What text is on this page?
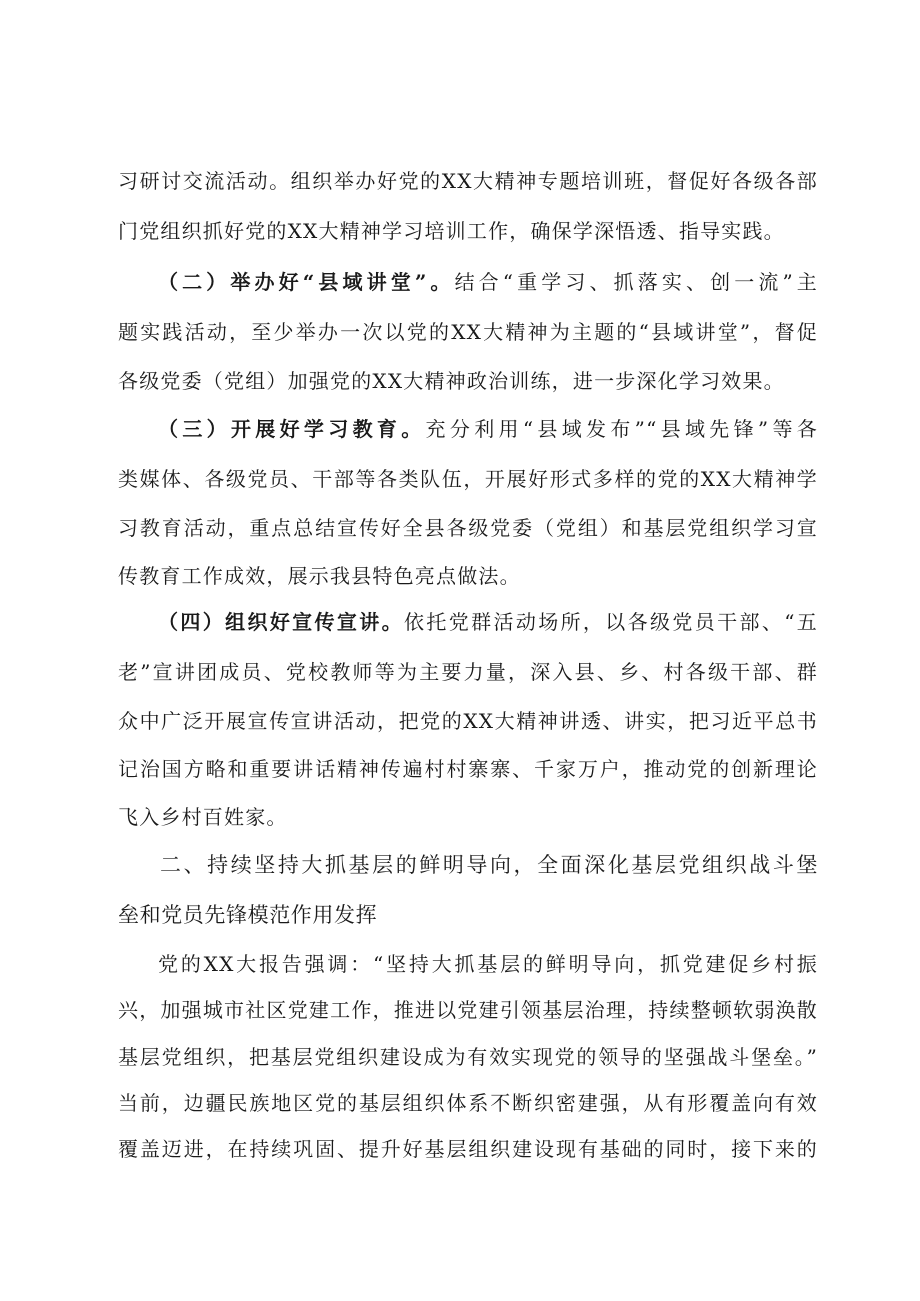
习研讨交流活动。组织举办好党的XX大精神专题培训班，督促好各级各部
门党组织抓好党的XX大精神学习培训工作，确保学深悟透、指导实践。
（二）举办好“县域讲堂”。结合“重学习、抓落实、创一流”主
题实践活动，至少举办一次以党的XX大精神为主题的“县域讲堂”，督促
各级党委（党组）加强党的XX大精神政治训练，进一步深化学习效果。
（三）开展好学习教育。充分利用“县域发布”“县域先锋”等各
类媒体、各级党员、干部等各类队伍，开展好形式多样的党的XX大精神学
习教育活动，重点总结宣传好全县各级党委（党组）和基层党组织学习宣
传教育工作成效，展示我县特色亮点做法。
（四）组织好宣传宣讲。依托党群活动场所，以各级党员干部、“五
老”宣讲团成员、党校教师等为主要力量，深入县、乡、村各级干部、群
众中广泛开展宣传宣讲活动，把党的XX大精神讲透、讲实，把习近平总书
记治国方略和重要讲话精神传遍村村寨寨、千家万户，推动党的创新理论
飞入乡村百姓家。
二、持续坚持大抓基层的鲜明导向，全面深化基层党组织战斗堡
垒和党员先锋模范作用发挥
党的XX大报告强调：“坚持大抓基层的鲜明导向，抓党建促乡村振
兴，加强城市社区党建工作，推进以党建引领基层治理，持续整顿软弱涣散
基层党组织，把基层党组织建设成为有效实现党的领导的坚强战斗堡垒。”
当前，边疆民族地区党的基层组织体系不断织密建强，从有形覆盖向有效
覆盖迈进，在持续巩固、提升好基层组织建设现有基础的同时，接下来的
